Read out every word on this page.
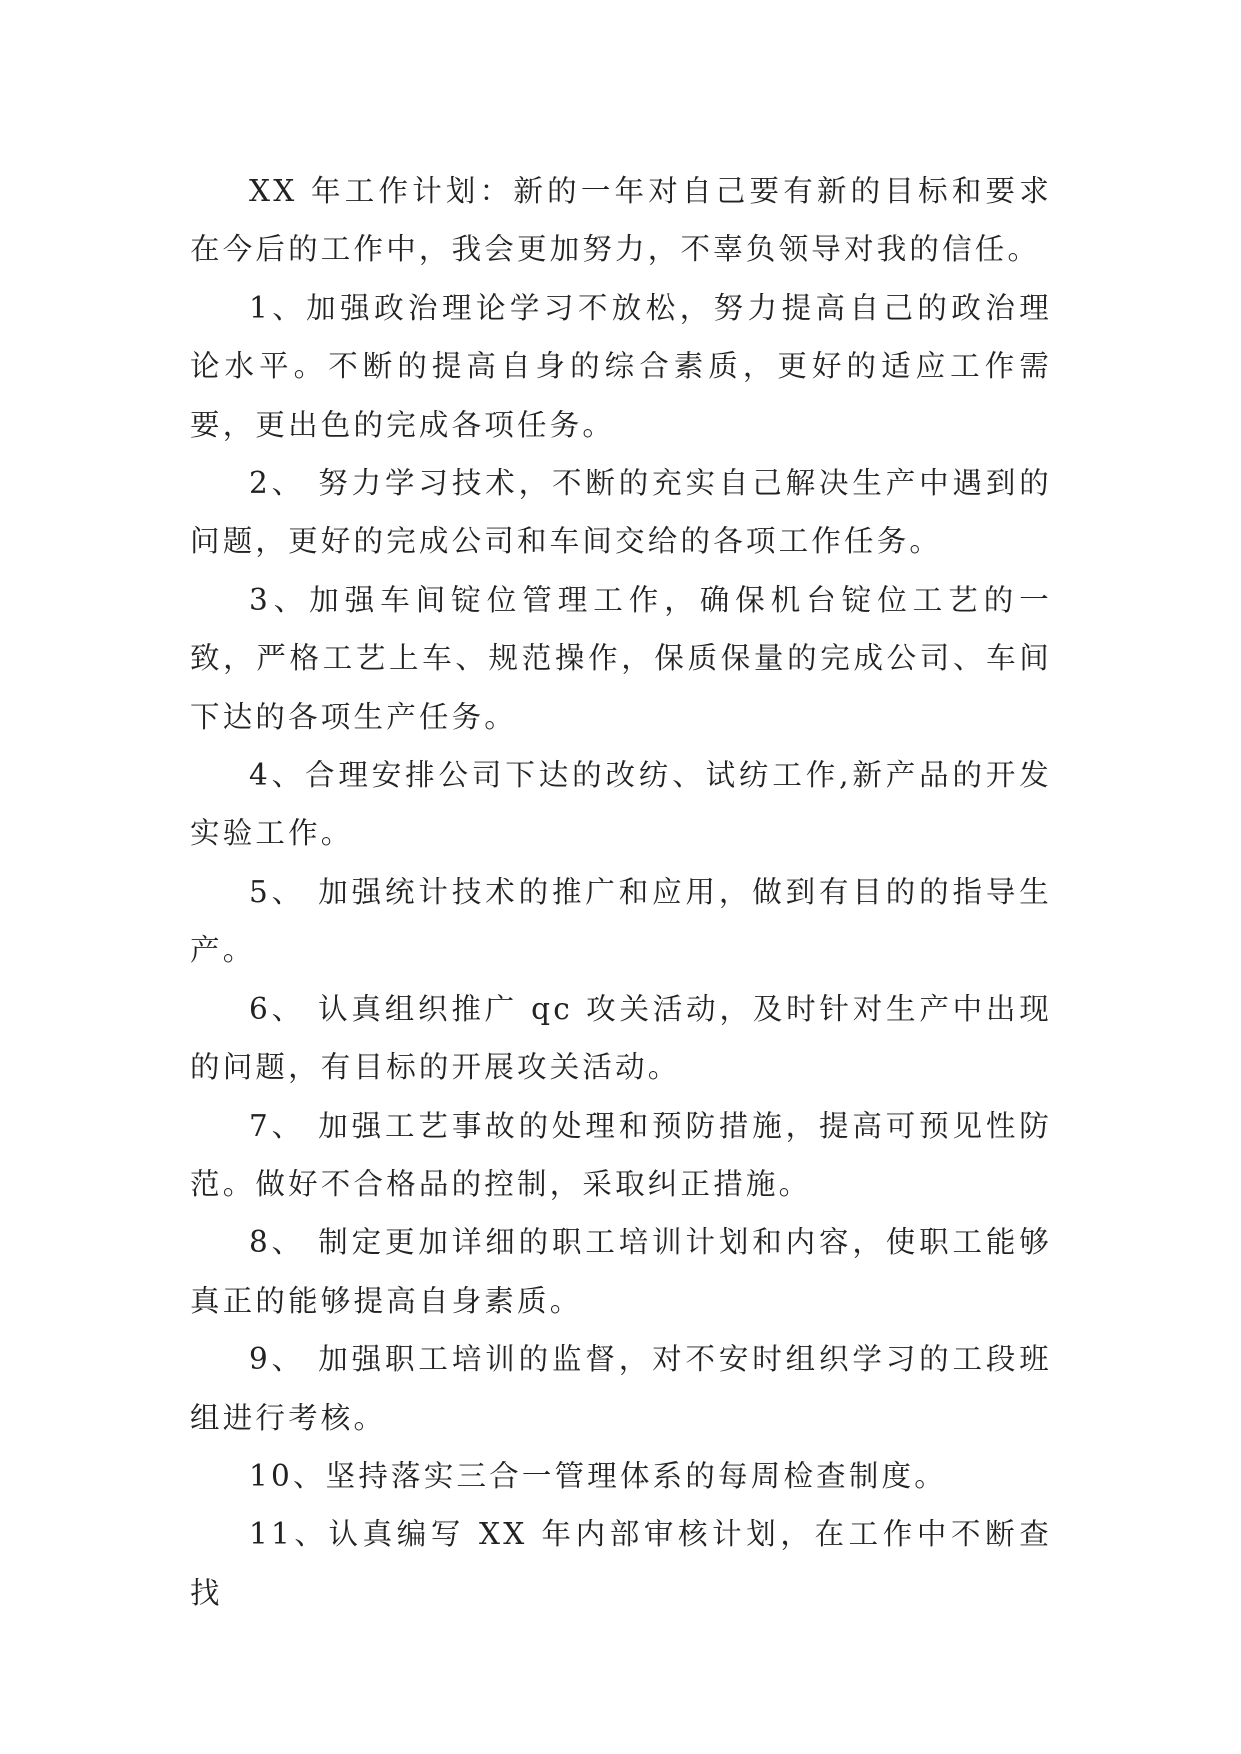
XX 年工作计划：新的一年对自己要有新的目标和要求在今后的工作中，我会更加努力，不辜负领导对我的信任。

1、加强政治理论学习不放松，努力提高自己的政治理论水平。不断的提高自身的综合素质，更好的适应工作需要，更出色的完成各项任务。

2、 努力学习技术，不断的充实自己解决生产中遇到的问题，更好的完成公司和车间交给的各项工作任务。

3、加强车间锭位管理工作，确保机台锭位工艺的一致，严格工艺上车、规范操作，保质保量的完成公司、车间下达的各项生产任务。

4、合理安排公司下达的改纺、试纺工作,新产品的开发实验工作。

5、 加强统计技术的推广和应用，做到有目的的指导生产。

6、 认真组织推广 qc 攻关活动，及时针对生产中出现的问题，有目标的开展攻关活动。

7、 加强工艺事故的处理和预防措施，提高可预见性防范。做好不合格品的控制，采取纠正措施。

8、 制定更加详细的职工培训计划和内容，使职工能够真正的能够提高自身素质。

9、 加强职工培训的监督，对不安时组织学习的工段班组进行考核。

10、坚持落实三合一管理体系的每周检查制度。

11、认真编写 XX 年内部审核计划，在工作中不断查找
